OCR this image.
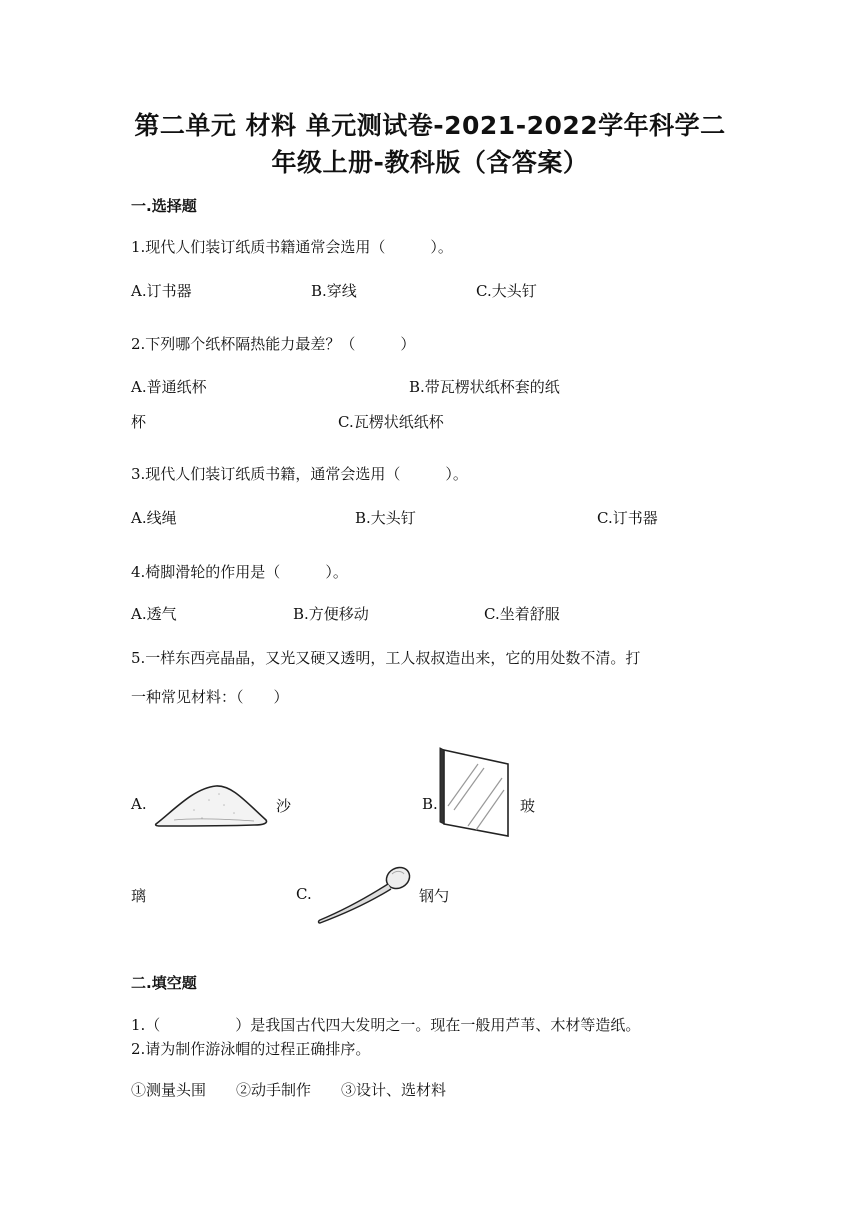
第二单元 材料 单元测试卷-2021-2022学年科学二
年级上册-教科版（含答案）
一.选择题
1.现代人们装订纸质书籍通常会选用（　　　）。
A.订书器	B.穿线	C.大头钉
2.下列哪个纸杯隔热能力最差？（　　　）
A.普通纸杯	B.带瓦楞状纸杯套的纸
杯	C.瓦楞状纸纸杯
3.现代人们装订纸质书籍，通常会选用（　　　）。
A.线绳	B.大头钉	C.订书器
4.椅脚滑轮的作用是（　　　）。
A.透气	B.方便移动	C.坐着舒服
5.一样东西亮晶晶，又光又硬又透明，工人叔叔造出来，它的用处数不清。打
一种常见材料：（　　）
A.	沙	B.	玻
璃	C.	钢勺
二.填空题
1.（　　　　　）是我国古代四大发明之一。现在一般用芦苇、木材等造纸。
2.请为制作游泳帽的过程正确排序。
①测量头围　　②动手制作　　③设计、选材料
